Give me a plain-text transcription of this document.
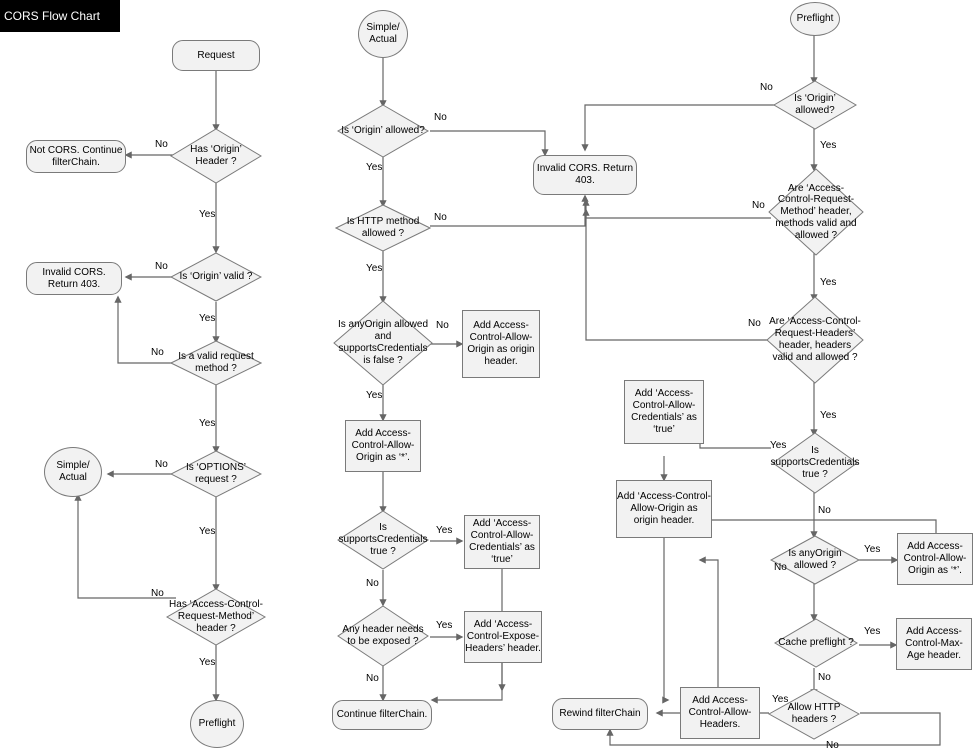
CORS Flow Chart
Request
Has ‘Origin’ Header ?
Not CORS. Continue filterChain.
Is ‘Origin’ valid ?
Invalid CORS. Return 403.
Is a valid request method ?
Is ‘OPTIONS’ request ?
Simple/ Actual
Has ‘Access-Control-Request-Method’ header ?
Preflight
Simple/ Actual
Is ‘Origin’ allowed?
Invalid CORS. Return 403.
Is HTTP method allowed ?
Is anyOrigin allowed and supportsCredentials is false ?
Add Access-Control-Allow-Origin as origin header.
Add Access-Control-Allow-Origin as ‘*’.
Is supportsCredentials true ?
Add ‘Access-Control-Allow-Credentials’ as ‘true’
Any header needs to be exposed ?
Add ‘Access-Control-Expose-Headers’ header.
Continue filterChain.
Preflight
Is ‘Origin’ allowed?
Are ‘Access-Control-Request-Method’ header, methods valid and allowed ?
Are ‘Access-Control-Request-Headers’ header, headers valid and allowed ?
Add ‘Access-Control-Allow-Credentials’ as ‘true’
Is supportsCredentials true ?
Add ‘Access-Control-Allow-Origin as origin header.
Is anyOrigin allowed ?
Add Access-Control-Allow-Origin as ‘*’.
Cache preflight ?
Add Access-Control-Max-Age header.
Allow HTTP headers ?
Add Access-Control-Allow-Headers.
Rewind filterChain
No
Yes
No
Yes
No
Yes
No
Yes
No
Yes
No
Yes
No
Yes
No
Yes
Yes
No
Yes
No
No
Yes
No
Yes
No
Yes
Yes
No
Yes
No
Yes
No
Yes
No
